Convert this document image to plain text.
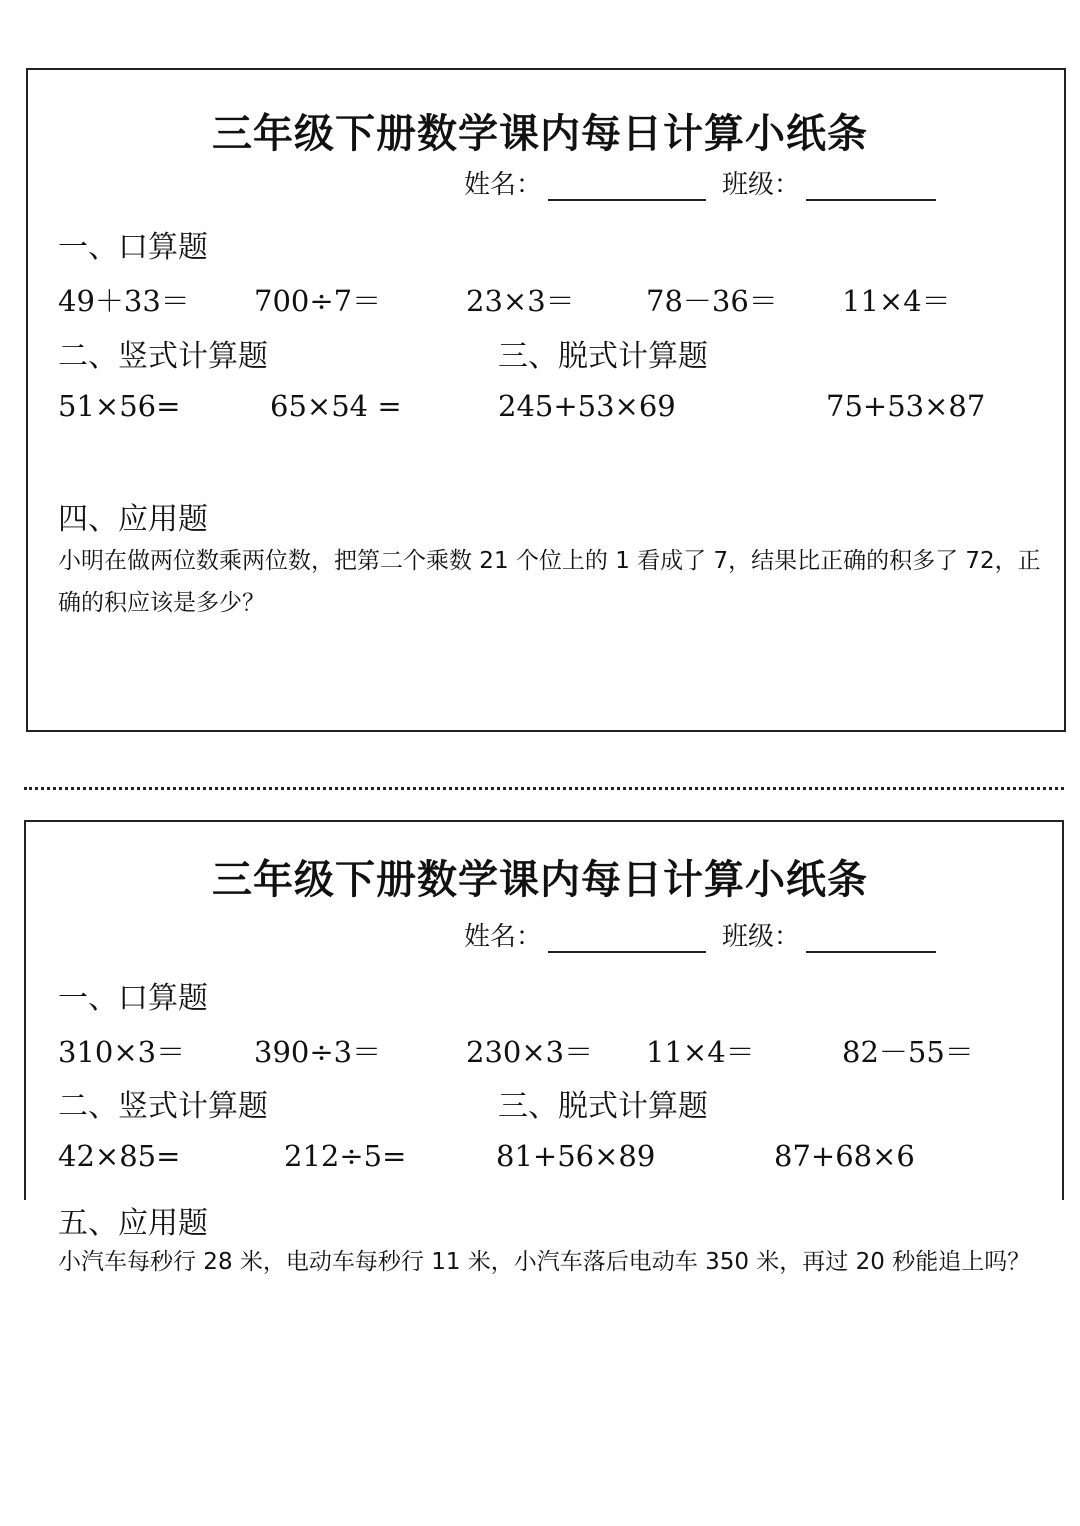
三年级下册数学课内每日计算小纸条
姓名：	班级：
一、口算题
49＋33＝ 700÷7＝	23×3＝ 78－36＝ 11×4＝
二、竖式计算题	三、脱式计算题
51×56=	65×54 =	245+53×69	75+53×87
四、应用题
小明在做两位数乘两位数，把第二个乘数 21 个位上的 1 看成了 7，结果比正确的积多了 72，正确的积应该是多少？
三年级下册数学课内每日计算小纸条
姓名：	班级：
一、口算题
310×3＝ 390÷3＝	230×3＝ 11×4＝	82－55＝
二、竖式计算题	三、脱式计算题
42×85=	212÷5=	81+56×89	87+68×6
五、应用题
小汽车每秒行 28 米，电动车每秒行 11 米，小汽车落后电动车 350 米，再过 20 秒能追上吗？
